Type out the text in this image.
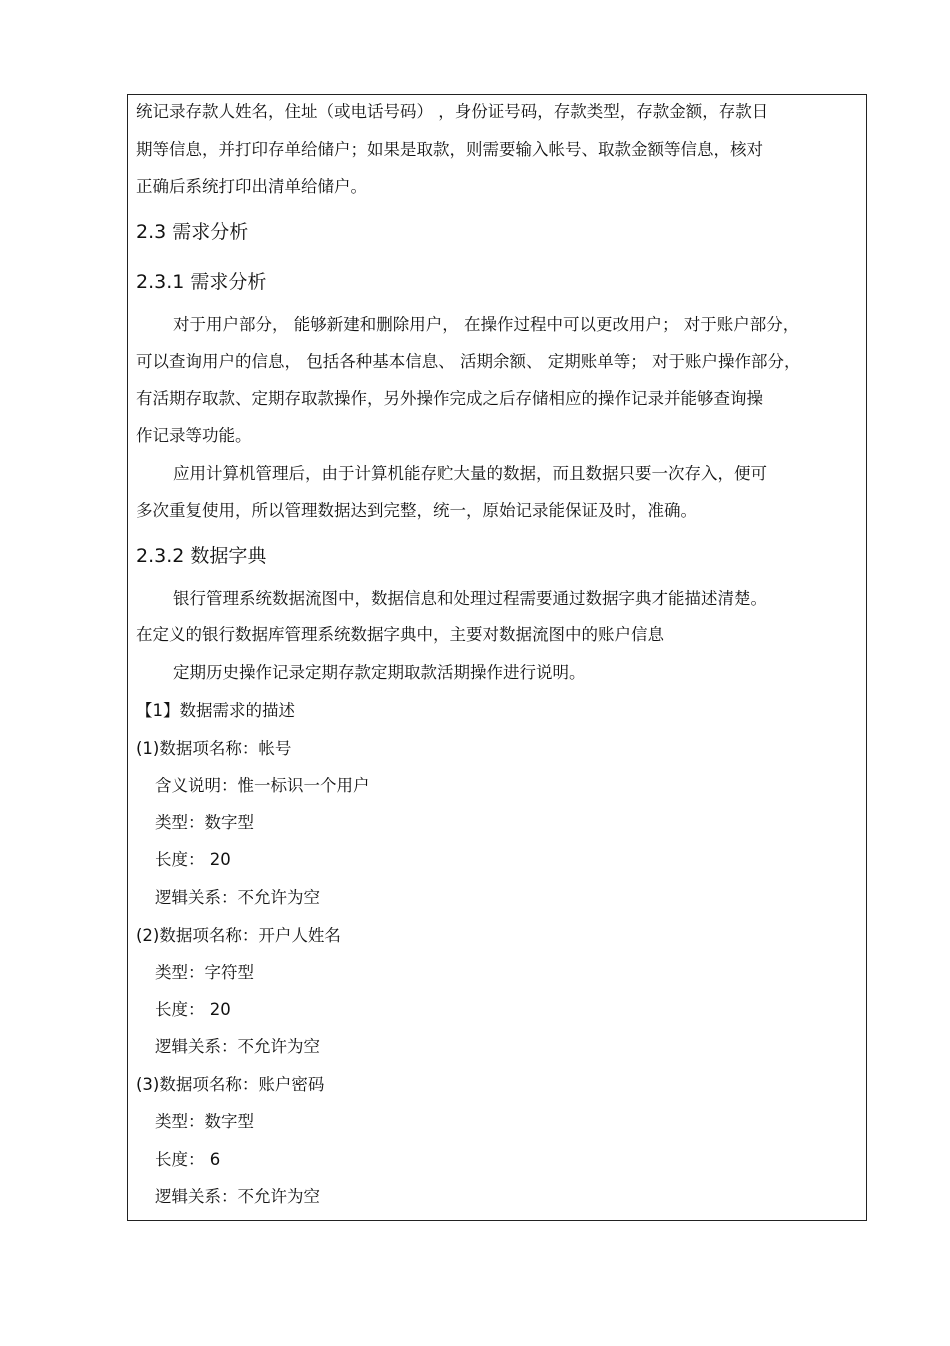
统记录存款人姓名，住址（或电话号码） ，身份证号码，存款类型，存款金额，存款日
期等信息，并打印存单给储户；如果是取款，则需要输入帐号、取款金额等信息，核对
正确后系统打印出清单给储户。
2.3 需求分析
2.3.1 需求分析
对于用户部分， 能够新建和删除用户， 在操作过程中可以更改用户； 对于账户部分，
可以查询用户的信息， 包括各种基本信息、 活期余额、 定期账单等； 对于账户操作部分，
有活期存取款、定期存取款操作，另外操作完成之后存储相应的操作记录并能够查询操
作记录等功能。
应用计算机管理后，由于计算机能存贮大量的数据，而且数据只要一次存入，便可
多次重复使用，所以管理数据达到完整，统一，原始记录能保证及时，准确。
2.3.2 数据字典
银行管理系统数据流图中，数据信息和处理过程需要通过数据字典才能描述清楚。
在定义的银行数据库管理系统数据字典中，主要对数据流图中的账户信息
定期历史操作记录定期存款定期取款活期操作进行说明。
【1】数据需求的描述
(1)数据项名称：帐号
含义说明：惟一标识一个用户
类型：数字型
长度： 20
逻辑关系：不允许为空
(2)数据项名称：开户人姓名
类型：字符型
长度： 20
逻辑关系：不允许为空
(3)数据项名称：账户密码
类型：数字型
长度： 6
逻辑关系：不允许为空
